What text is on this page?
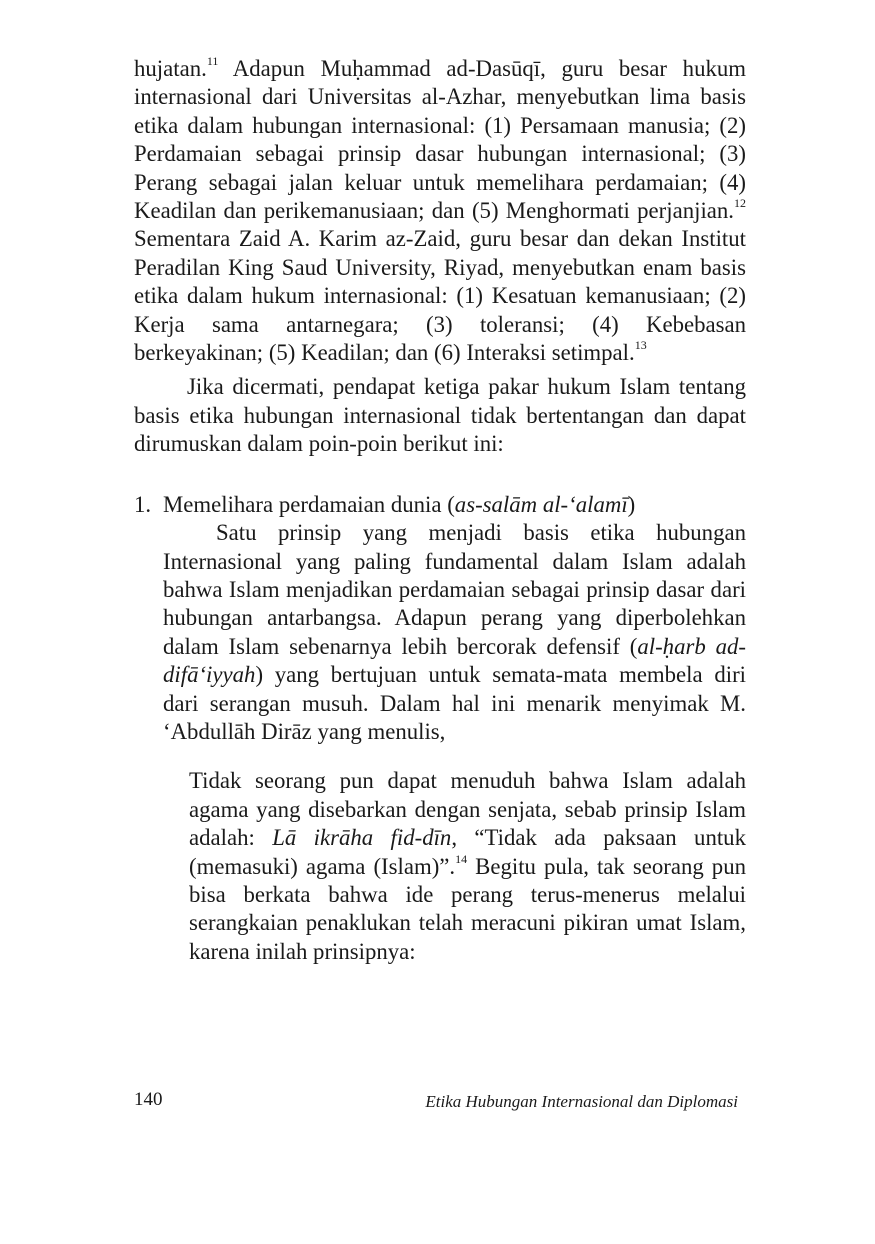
hujatan.$^{11}$ Adapun Muḥammad ad-Dasūqī, guru besar hukum internasional dari Universitas al-Azhar, menyebutkan lima basis etika dalam hubungan internasional: (1) Persamaan manusia; (2) Perdamaian sebagai prinsip dasar hubungan internasional; (3) Perang sebagai jalan keluar untuk memelihara perdamaian; (4) Keadilan dan perikemanusiaan; dan (5) Menghormati perjanjian.$^{12}$ Sementara Zaid A. Karim az-Zaid, guru besar dan dekan Institut Peradilan King Saud University, Riyad, menyebutkan enam basis etika dalam hukum internasional: (1) Kesatuan kemanusiaan; (2) Kerja sama antarnegara; (3) toleransi; (4) Kebebasan berkeyakinan; (5) Keadilan; dan (6) Interaksi setimpal.$^{13}$

Jika dicermati, pendapat ketiga pakar hukum Islam tentang basis etika hubungan internasional tidak bertentangan dan dapat dirumuskan dalam poin-poin berikut ini:

1. Memelihara perdamaian dunia (as-salām al-‘alamī)

Satu prinsip yang menjadi basis etika hubungan Internasional yang paling fundamental dalam Islam adalah bahwa Islam menjadikan perdamaian sebagai prinsip dasar dari hubungan antarbangsa. Adapun perang yang diperbolehkan dalam Islam sebenarnya lebih bercorak defensif (al-ḥarb ad-difā‘iyyah) yang bertujuan untuk semata-mata membela diri dari serangan musuh. Dalam hal ini menarik menyimak M. ‘Abdullāh Dirāz yang menulis,

Tidak seorang pun dapat menuduh bahwa Islam adalah agama yang disebarkan dengan senjata, sebab prinsip Islam adalah: Lā ikrāha fid-dīn, “Tidak ada paksaan untuk (memasuki) agama (Islam)”.$^{14}$ Begitu pula, tak seorang pun bisa berkata bahwa ide perang terus-menerus melalui serangkaian penaklukan telah meracuni pikiran umat Islam, karena inilah prinsipnya:

140	Etika Hubungan Internasional dan Diplomasi
